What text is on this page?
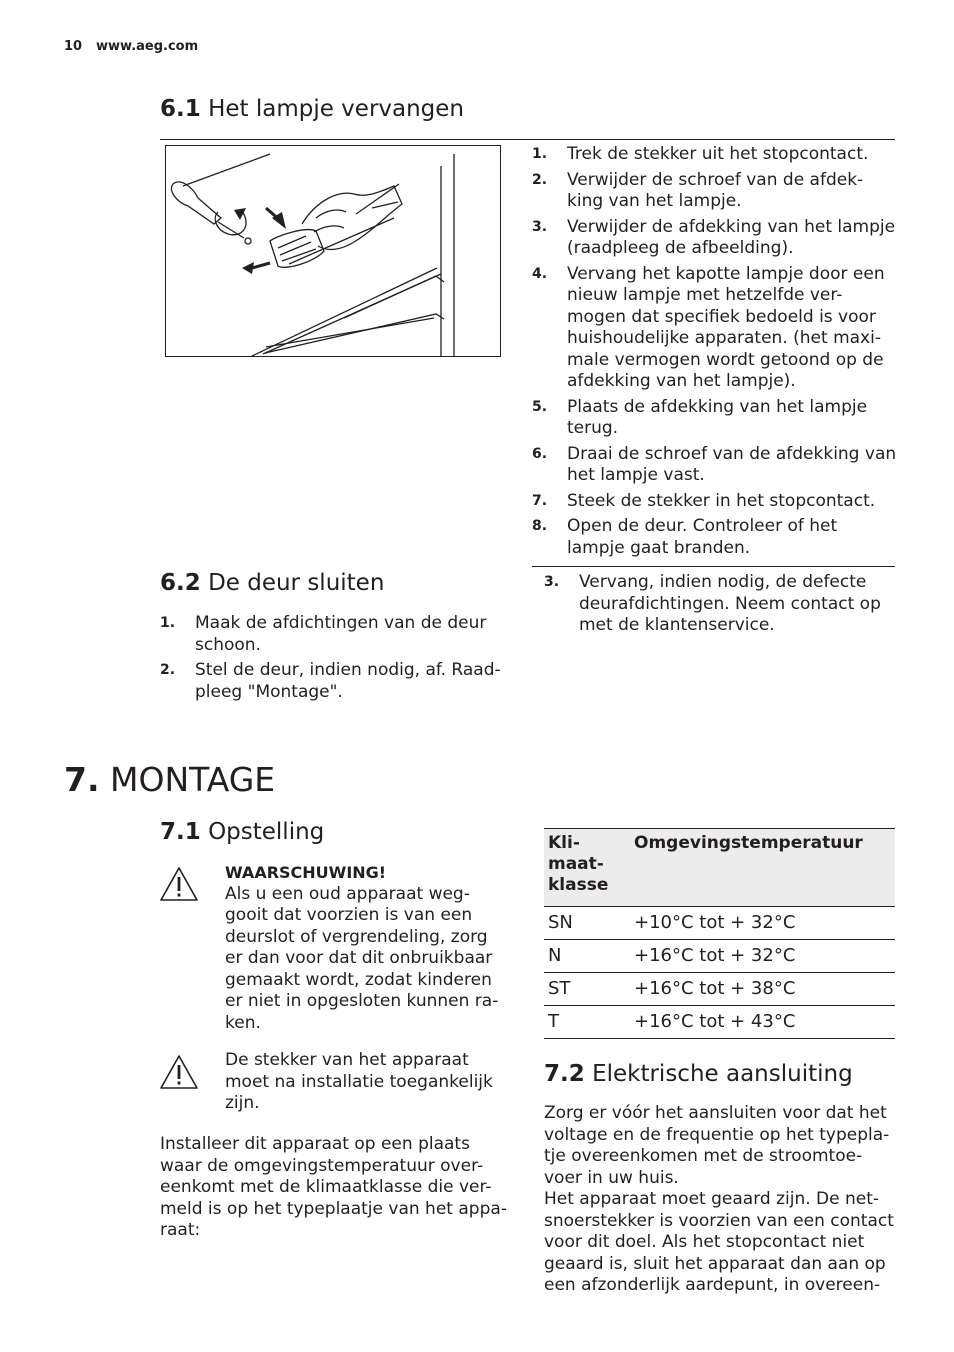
10 www.aeg.com
6.1 Het lampje vervangen
1. Trek de stekker uit het stopcontact.
2. Verwijder de schroef van de afdek-king van het lampje.
3. Verwijder de afdekking van het lampje (raadpleeg de afbeelding).
4. Vervang het kapotte lampje door een nieuw lampje met hetzelfde ver-mogen dat specifiek bedoeld is voor huishoudelijke apparaten. (het maxi-male vermogen wordt getoond op de afdekking van het lampje).
5. Plaats de afdekking van het lampje terug.
6. Draai de schroef van de afdekking van het lampje vast.
7. Steek de stekker in het stopcontact.
8. Open de deur. Controleer of het lampje gaat branden.
6.2 De deur sluiten
1. Maak de afdichtingen van de deur schoon.
2. Stel de deur, indien nodig, af. Raad-pleeg "Montage".
3. Vervang, indien nodig, de defecte deurafdichtingen. Neem contact op met de klantenservice.
7. MONTAGE
7.1 Opstelling
WAARSCHUWING!
Als u een oud apparaat weg-gooit dat voorzien is van een deurslot of vergrendeling, zorg er dan voor dat dit onbruikbaar gemaakt wordt, zodat kinderen er niet in opgesloten kunnen ra-ken.
De stekker van het apparaat moet na installatie toegankelijk zijn.
Installeer dit apparaat op een plaats waar de omgevingstemperatuur over-eenkomt met de klimaatklasse die ver-meld is op het typeplaatje van het appa-raat:
Kli-maat-klasse	Omgevingstemperatuur
SN	+10°C tot + 32°C
N	+16°C tot + 32°C
ST	+16°C tot + 38°C
T	+16°C tot + 43°C
7.2 Elektrische aansluiting
Zorg er vóór het aansluiten voor dat het voltage en de frequentie op het typepla-tje overeenkomen met de stroomtoe-voer in uw huis.
Het apparaat moet geaard zijn. De net-snoerstekker is voorzien van een contact voor dit doel. Als het stopcontact niet geaard is, sluit het apparaat dan aan op een afzonderlijk aardepunt, in overeen-
